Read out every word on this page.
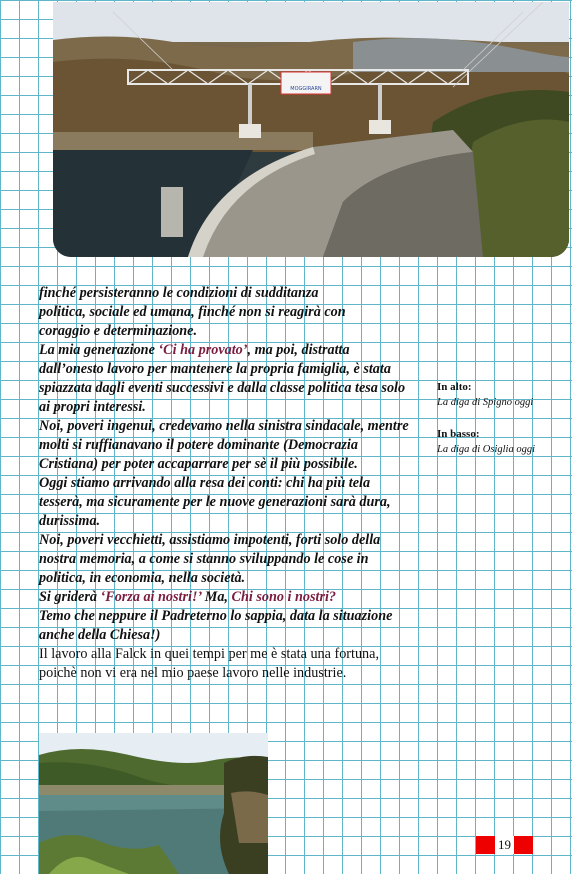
MOGGIRARN

finché persisteranno le condizioni di sudditanza

politica, sociale ed umana, finché non si reagirà con

coraggio e determinazione.

La mia generazione ‘Ci ha provato’, ma poi, distratta dall’onesto lavoro per mantenere la propria famiglia, è stata spiazzata dagli eventi successivi e dalla classe politica tesa solo ai propri interessi.

Noi, poveri ingenui, credevamo nella sinistra sindacale, mentre molti si ruffianavano il potere dominante (Democrazia Cristiana) per poter accaparrare per sè il più possibile.

Oggi stiamo arrivando alla resa dei conti: chi ha più tela tesserà, ma sicuramente per le nuove generazioni sarà dura, durissima.

Noi, poveri vecchietti, assistiamo impotenti, forti solo della nostra memoria, a come si stanno sviluppando le cose in politica, in economia, nella società.

Si griderà ‘Forza ai nostri!’ Ma, Chi sono i nostri?

Temo che neppure il Padreterno lo sappia, data la situazione anche della Chiesa!)

Il lavoro alla Falck in quei tempi per me è stata una fortuna, poichè non vi era nel mio paese lavoro nelle industrie.

In alto:
La diga di Spigno oggi
In basso:
La diga di Osiglia oggi
19
